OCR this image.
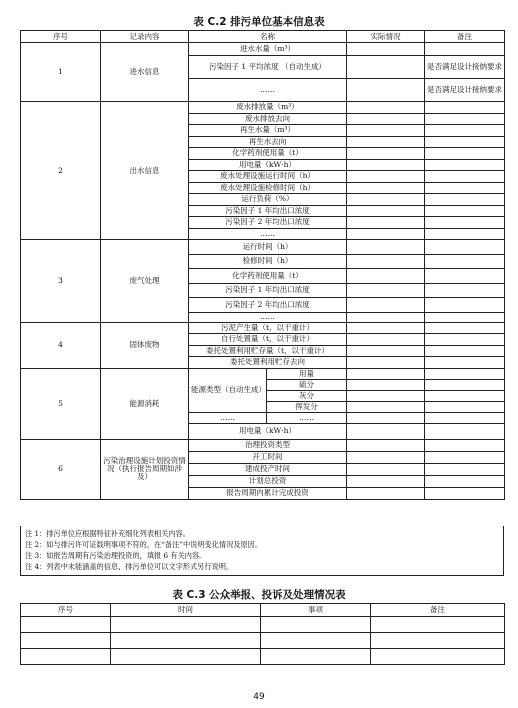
表 C.2 排污单位基本信息表
序号	记录内容	名称		实际情况	备注
1	进水信息	进水水量（m³）			
		污染因子 1 平均浓度 （自动生成）			是否满足设计接纳要求
		……			是否满足设计接纳要求
2	出水信息	废水排放量（m³）			
		废水排放去向			
		再生水量（m³）			
		再生水去向			
		化学药剂使用量（t）			
		用电量（kW·h）			
		废水处理设施运行时间（h）			
		废水处理设施检修时间（h）			
		运行负荷（%）			
		污染因子 1 年均出口浓度			
		污染因子 2 年均出口浓度			
		……			
3	废气处理	运行时间（h）			
		检修时间（h）			
		化学药剂使用量（t）			
		污染因子 1 年均出口浓度			
		污染因子 2 年均出口浓度			
		……			
4	固体废物	污泥产生量（t，以干重计）			
		自行处置量（t，以干重计）			
		委托处置利用贮存量（t，以干重计）			
		委托处置利用贮存去向			
5	能源消耗	能源类型（自动生成）	用量		
			硫分		
			灰分		
			挥发分		
		……	……		
		用电量（kW·h）			
6	污染治理设施计划投资情况（执行报告周期如涉及）	治理投资类型			
		开工时间			
		建成投产时间			
		计划总投资			
		报告周期内累计完成投资			
注 1：排污单位应根据特征补充细化列表相关内容。
注 2：如与排污许可证载明事项不符的，在“备注”中说明变化情况及原因。
注 3：如报告周期有污染治理投资的，填报 6 有关内容。
注 4：列表中未能涵盖的信息，排污单位可以文字形式另行说明。
表 C.3 公众举报、投诉及处理情况表
序号	时间	事项	备注

49
